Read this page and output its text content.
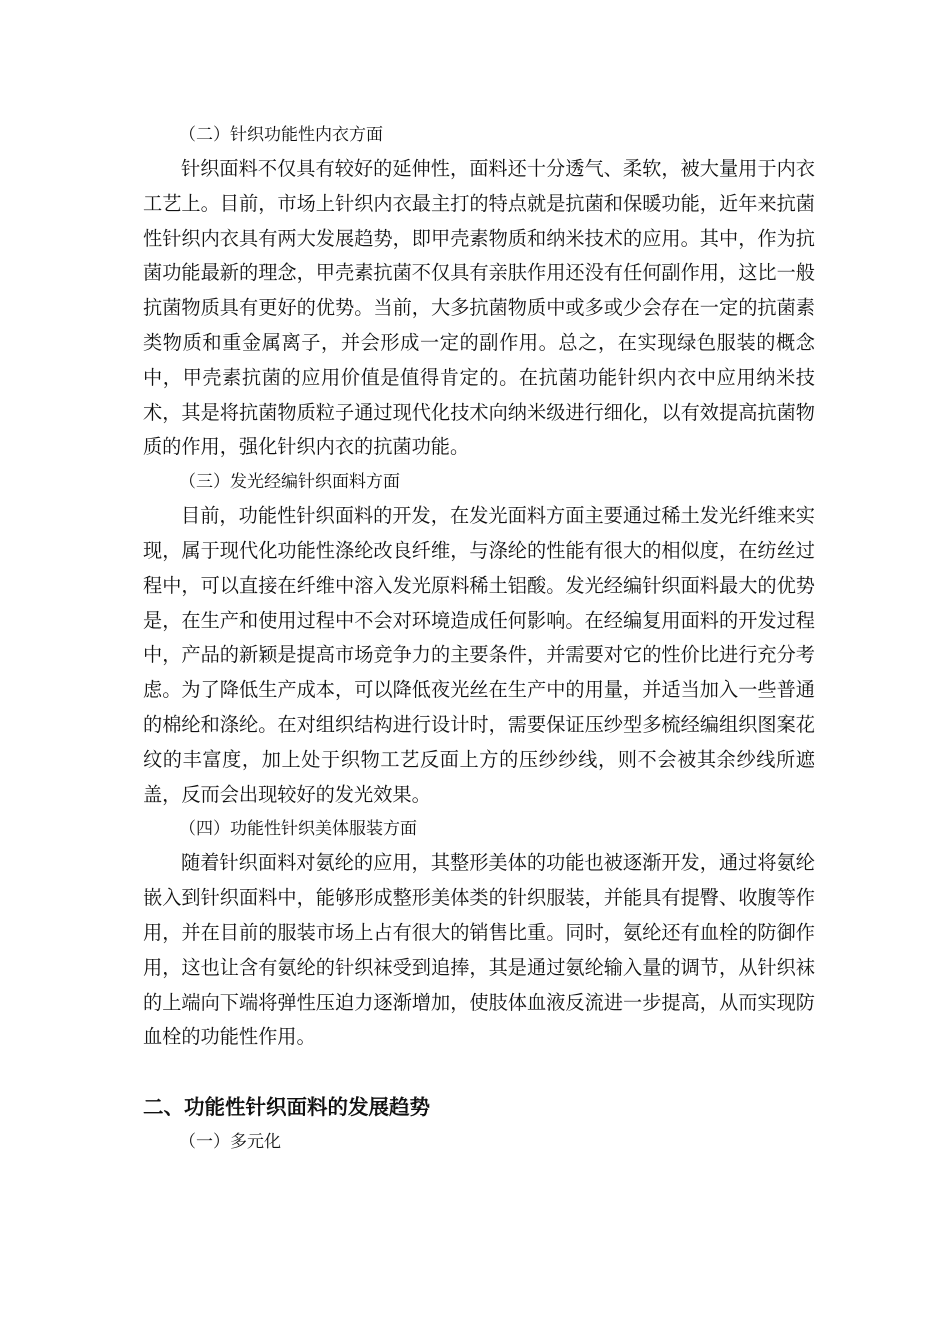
（二）针织功能性内衣方面

针织面料不仅具有较好的延伸性，面料还十分透气、柔软，被大量用于内衣工艺上。目前，市场上针织内衣最主打的特点就是抗菌和保暖功能，近年来抗菌性针织内衣具有两大发展趋势，即甲壳素物质和纳米技术的应用。其中，作为抗菌功能最新的理念，甲壳素抗菌不仅具有亲肤作用还没有任何副作用，这比一般抗菌物质具有更好的优势。当前，大多抗菌物质中或多或少会存在一定的抗菌素类物质和重金属离子，并会形成一定的副作用。总之，在实现绿色服装的概念中，甲壳素抗菌的应用价值是值得肯定的。在抗菌功能针织内衣中应用纳米技术，其是将抗菌物质粒子通过现代化技术向纳米级进行细化，以有效提高抗菌物质的作用，强化针织内衣的抗菌功能。

（三）发光经编针织面料方面

目前，功能性针织面料的开发，在发光面料方面主要通过稀土发光纤维来实现，属于现代化功能性涤纶改良纤维，与涤纶的性能有很大的相似度，在纺丝过程中，可以直接在纤维中溶入发光原料稀土铝酸。发光经编针织面料最大的优势是，在生产和使用过程中不会对环境造成任何影响。在经编复用面料的开发过程中，产品的新颖是提高市场竞争力的主要条件，并需要对它的性价比进行充分考虑。为了降低生产成本，可以降低夜光丝在生产中的用量，并适当加入一些普通的棉纶和涤纶。在对组织结构进行设计时，需要保证压纱型多梳经编组织图案花纹的丰富度，加上处于织物工艺反面上方的压纱纱线，则不会被其余纱线所遮盖，反而会出现较好的发光效果。

（四）功能性针织美体服装方面

随着针织面料对氨纶的应用，其整形美体的功能也被逐渐开发，通过将氨纶嵌入到针织面料中，能够形成整形美体类的针织服装，并能具有提臀、收腹等作用，并在目前的服装市场上占有很大的销售比重。同时，氨纶还有血栓的防御作用，这也让含有氨纶的针织袜受到追捧，其是通过氨纶输入量的调节，从针织袜的上端向下端将弹性压迫力逐渐增加，使肢体血液反流进一步提高，从而实现防血栓的功能性作用。

二、功能性针织面料的发展趋势

（一）多元化
